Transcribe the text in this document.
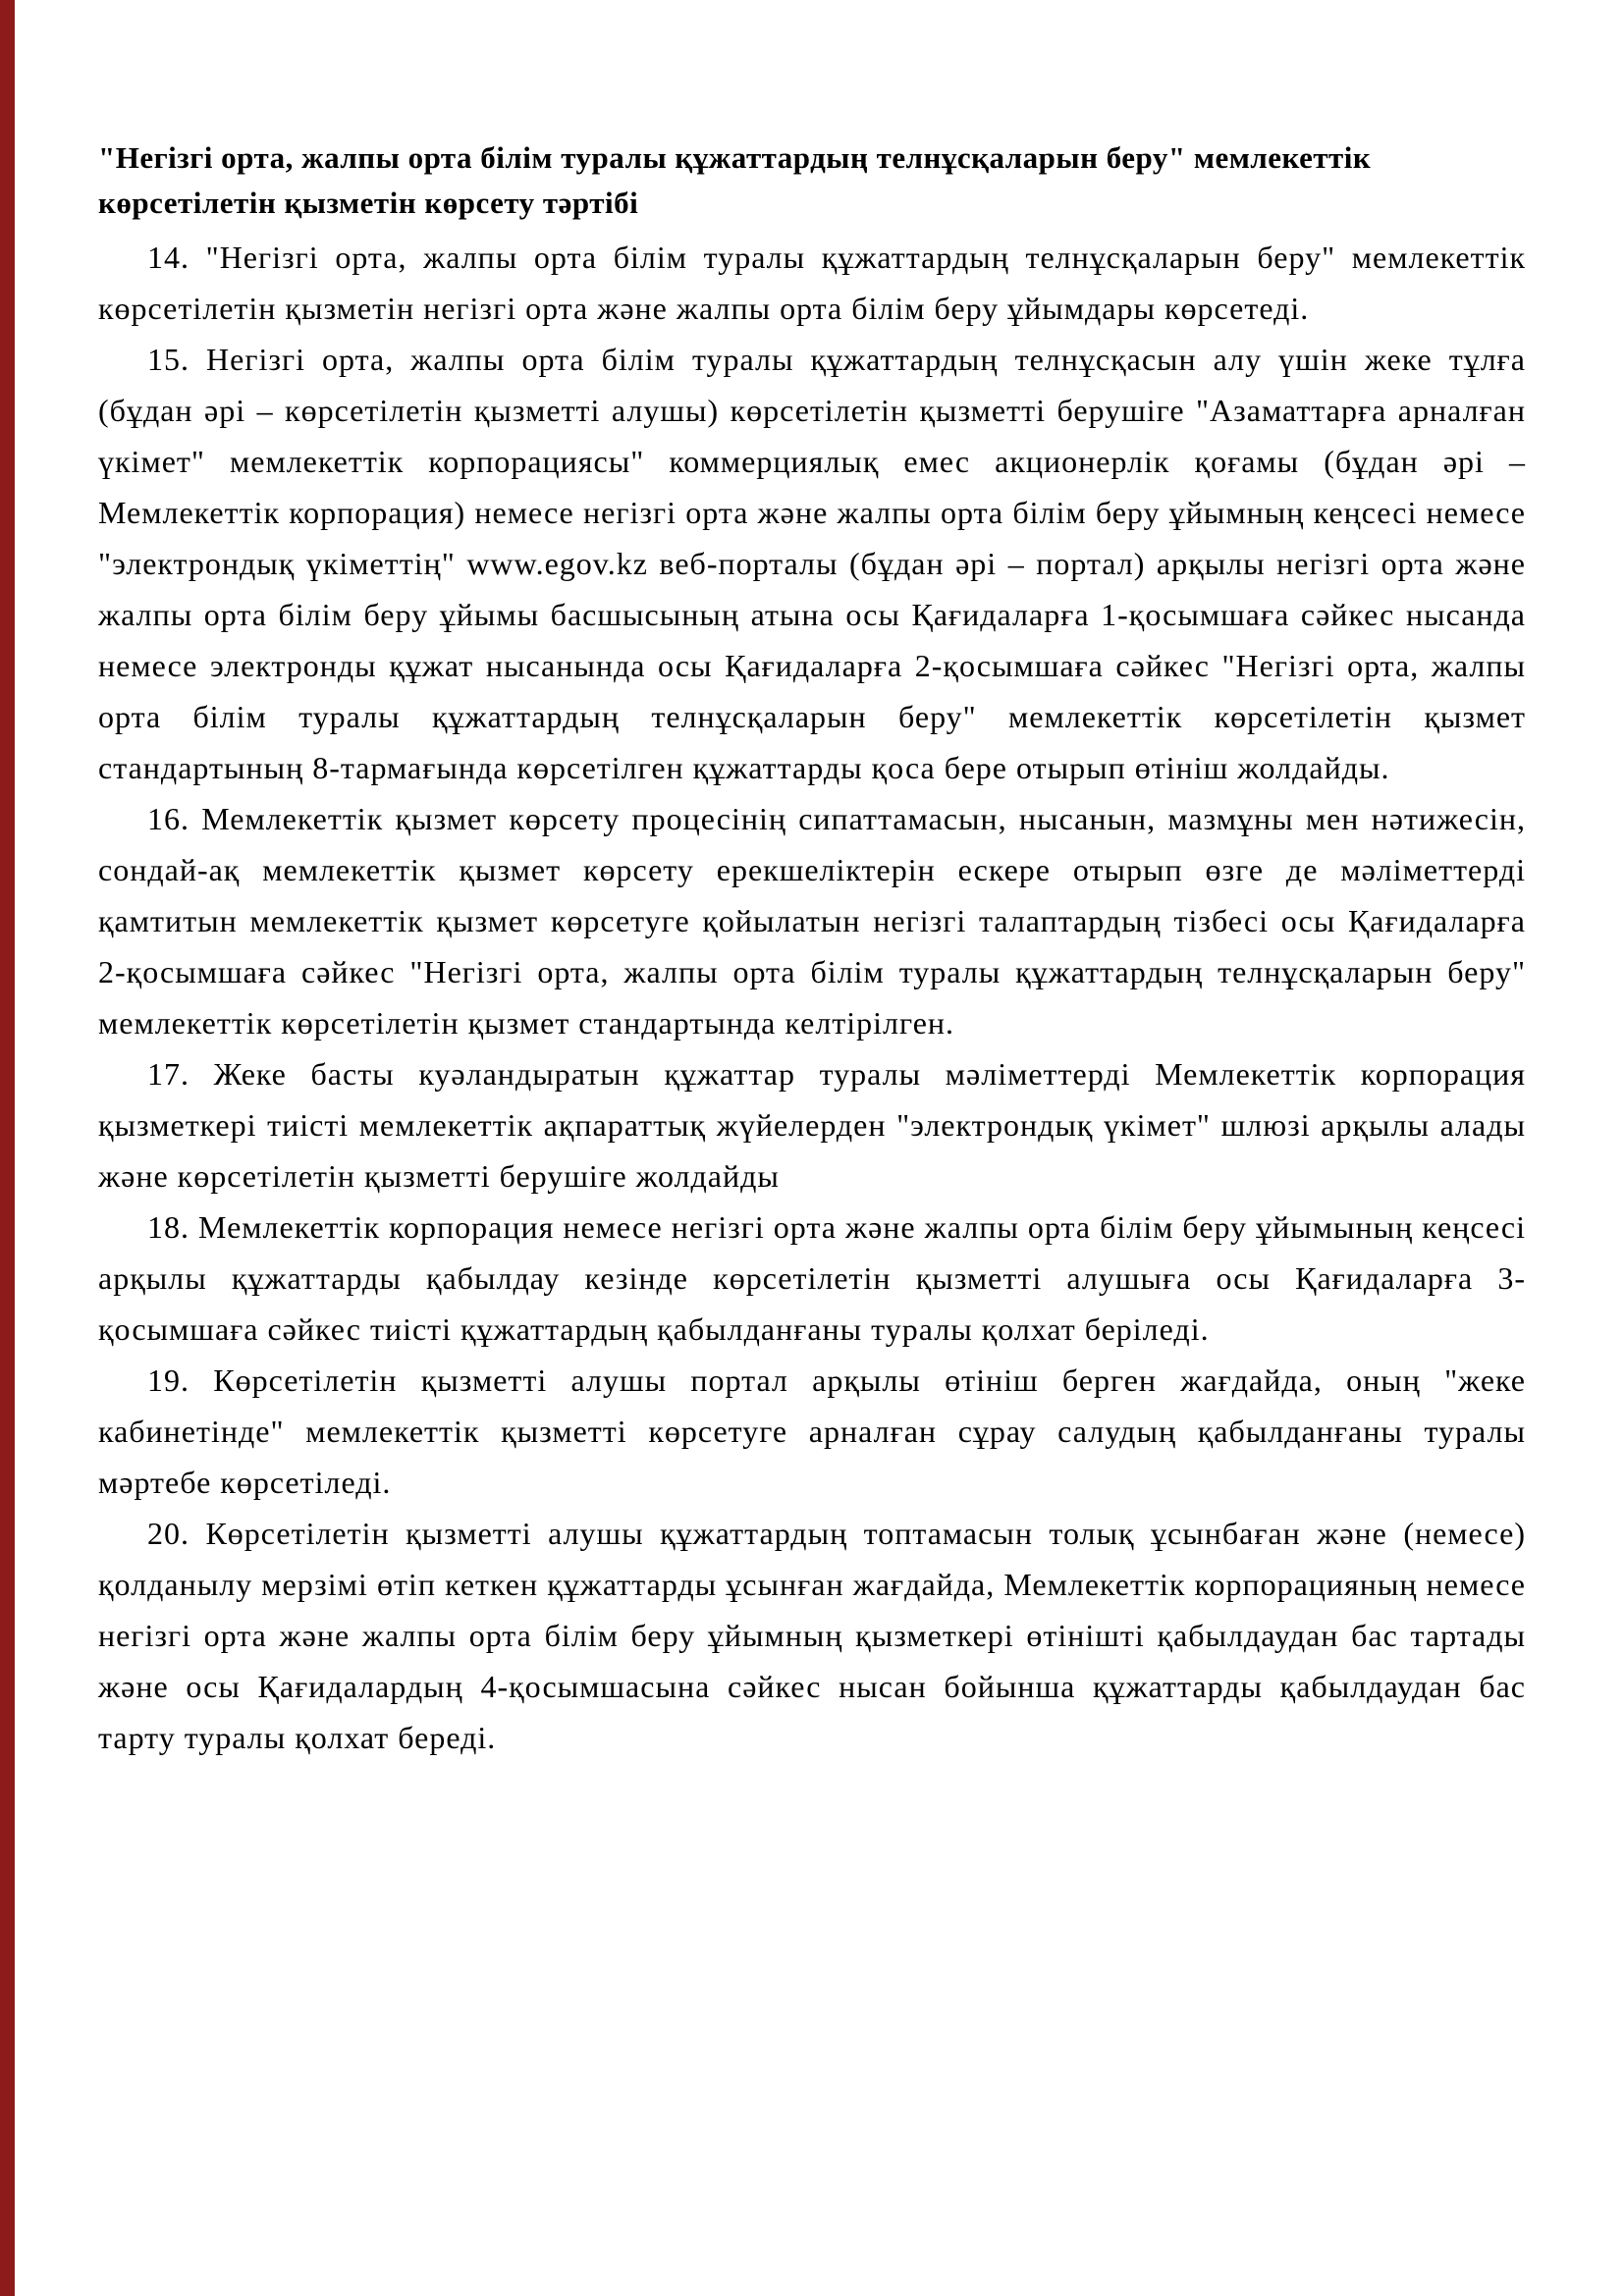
"Негізгі орта, жалпы орта білім туралы құжаттардың телнұсқаларын беру" мемлекеттік көрсетілетін қызметін көрсету тәртібі

14. "Негізгі орта, жалпы орта білім туралы құжаттардың телнұсқаларын беру" мемлекеттік көрсетілетін қызметін негізгі орта және жалпы орта білім беру ұйымдары көрсетеді.

15. Негізгі орта, жалпы орта білім туралы құжаттардың телнұсқасын алу үшін жеке тұлға (бұдан әрі – көрсетілетін қызметті алушы) көрсетілетін қызметті берушіге "Азаматтарға арналған үкімет" мемлекеттік корпорациясы" коммерциялық емес акционерлік қоғамы (бұдан әрі – Мемлекеттік корпорация) немесе негізгі орта және жалпы орта білім беру ұйымның кеңсесі немесе "электрондық үкіметтің" www.egov.kz веб-порталы (бұдан әрі – портал) арқылы негізгі орта және жалпы орта білім беру ұйымы басшысының атына осы Қағидаларға 1-қосымшаға сәйкес нысанда немесе электронды құжат нысанында осы Қағидаларға 2-қосымшаға сәйкес "Негізгі орта, жалпы орта білім туралы құжаттардың телнұсқаларын беру" мемлекеттік көрсетілетін қызмет стандартының 8-тармағында көрсетілген құжаттарды қоса бере отырып өтініш жолдайды.

16. Мемлекеттік қызмет көрсету процесінің сипаттамасын, нысанын, мазмұны мен нәтижесін, сондай-ақ мемлекеттік қызмет көрсету ерекшеліктерін ескере отырып өзге де мәліметтерді қамтитын мемлекеттік қызмет көрсетуге қойылатын негізгі талаптардың тізбесі осы Қағидаларға 2-қосымшаға сәйкес "Негізгі орта, жалпы орта білім туралы құжаттардың телнұсқаларын беру" мемлекеттік көрсетілетін қызмет стандартында келтірілген.

17. Жеке басты куәландыратын құжаттар туралы мәліметтерді Мемлекеттік корпорация қызметкері тиісті мемлекеттік ақпараттық жүйелерден "электрондық үкімет" шлюзі арқылы алады және көрсетілетін қызметті берушіге жолдайды

18. Мемлекеттік корпорация немесе негізгі орта және жалпы орта білім беру ұйымының кеңсесі арқылы құжаттарды қабылдау кезінде көрсетілетін қызметті алушыға осы Қағидаларға 3-қосымшаға сәйкес тиісті құжаттардың қабылданғаны туралы қолхат беріледі.

19. Көрсетілетін қызметті алушы портал арқылы өтініш берген жағдайда, оның "жеке кабинетінде" мемлекеттік қызметті көрсетуге арналған сұрау салудың қабылданғаны туралы мәртебе көрсетіледі.

20. Көрсетілетін қызметті алушы құжаттардың топтамасын толық ұсынбаған және (немесе) қолданылу мерзімі өтіп кеткен құжаттарды ұсынған жағдайда, Мемлекеттік корпорацияның немесе негізгі орта және жалпы орта білім беру ұйымның қызметкері өтінішті қабылдаудан бас тартады және осы Қағидалардың 4-қосымшасына сәйкес нысан бойынша құжаттарды қабылдаудан бас тарту туралы қолхат береді.
